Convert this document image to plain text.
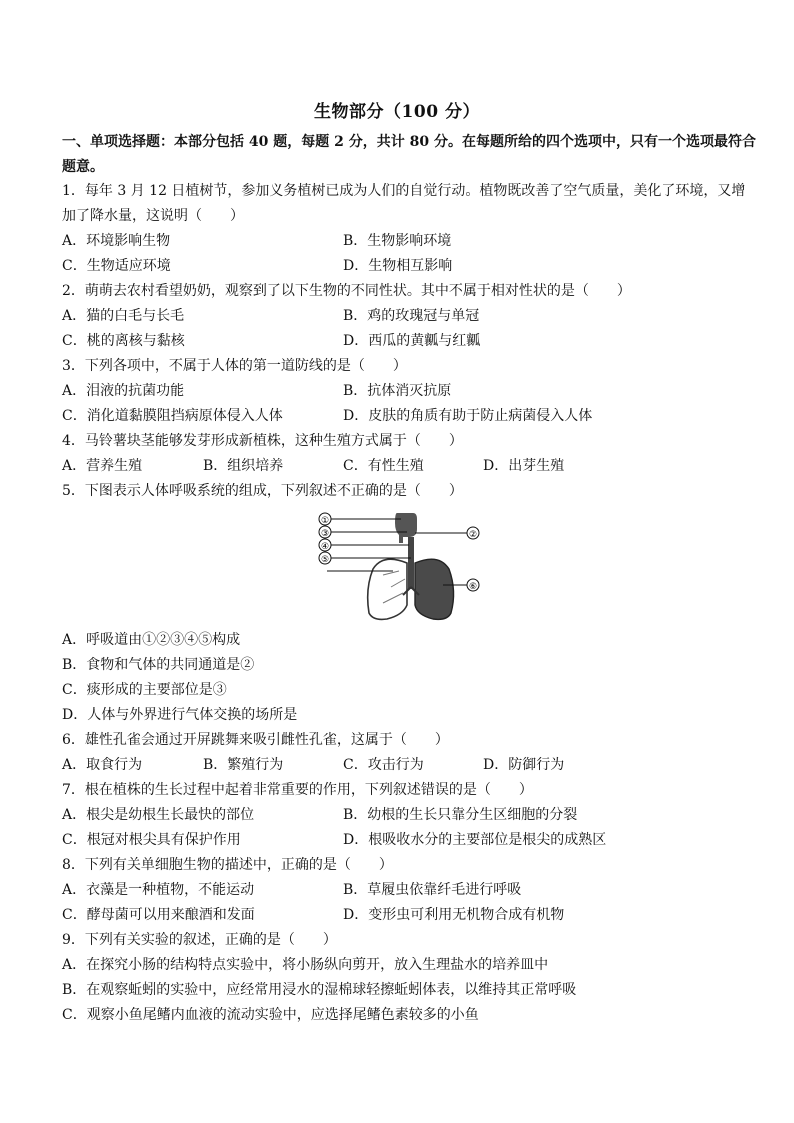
生物部分（100 分）
一、单项选择题：本部分包括 40 题，每题 2 分，共计 80 分。在每题所给的四个选项中，只有一个选项最符合题意。
1．每年 3 月 12 日植树节，参加义务植树已成为人们的自觉行动。植物既改善了空气质量，美化了环境，又增
加了降水量，这说明（　　）
A．环境影响生物	B．生物影响环境
C．生物适应环境	D．生物相互影响
2．萌萌去农村看望奶奶，观察到了以下生物的不同性状。其中不属于相对性状的是（　　）
A．猫的白毛与长毛	B．鸡的玫瑰冠与单冠
C．桃的离核与黏核	D．西瓜的黄瓤与红瓤
3．下列各项中，不属于人体的第一道防线的是（　　）
A．泪液的抗菌功能	B．抗体消灭抗原
C．消化道黏膜阻挡病原体侵入人体	D．皮肤的角质有助于防止病菌侵入人体
4．马铃薯块茎能够发芽形成新植株，这种生殖方式属于（　　）
A．营养生殖	B．组织培养	C．有性生殖	D．出芽生殖
5．下图表示人体呼吸系统的组成，下列叙述不正确的是（　　）
①
②
③
④
⑤
⑥
A．呼吸道由①②③④⑤构成
B．食物和气体的共同通道是②
C．痰形成的主要部位是③
D．人体与外界进行气体交换的场所是
6．雄性孔雀会通过开屏跳舞来吸引雌性孔雀，这属于（　　）
A．取食行为	B．繁殖行为	C．攻击行为	D．防御行为
7．根在植株的生长过程中起着非常重要的作用，下列叙述错误的是（　　）
A．根尖是幼根生长最快的部位	B．幼根的生长只靠分生区细胞的分裂
C．根冠对根尖具有保护作用	D．根吸收水分的主要部位是根尖的成熟区
8．下列有关单细胞生物的描述中，正确的是（　　）
A．衣藻是一种植物，不能运动	B．草履虫依靠纤毛进行呼吸
C．酵母菌可以用来酿酒和发面	D．变形虫可利用无机物合成有机物
9．下列有关实验的叙述，正确的是（　　）
A．在探究小肠的结构特点实验中，将小肠纵向剪开，放入生理盐水的培养皿中
B．在观察蚯蚓的实验中，应经常用浸水的湿棉球轻擦蚯蚓体表，以维持其正常呼吸
C．观察小鱼尾鳍内血液的流动实验中，应选择尾鳍色素较多的小鱼
